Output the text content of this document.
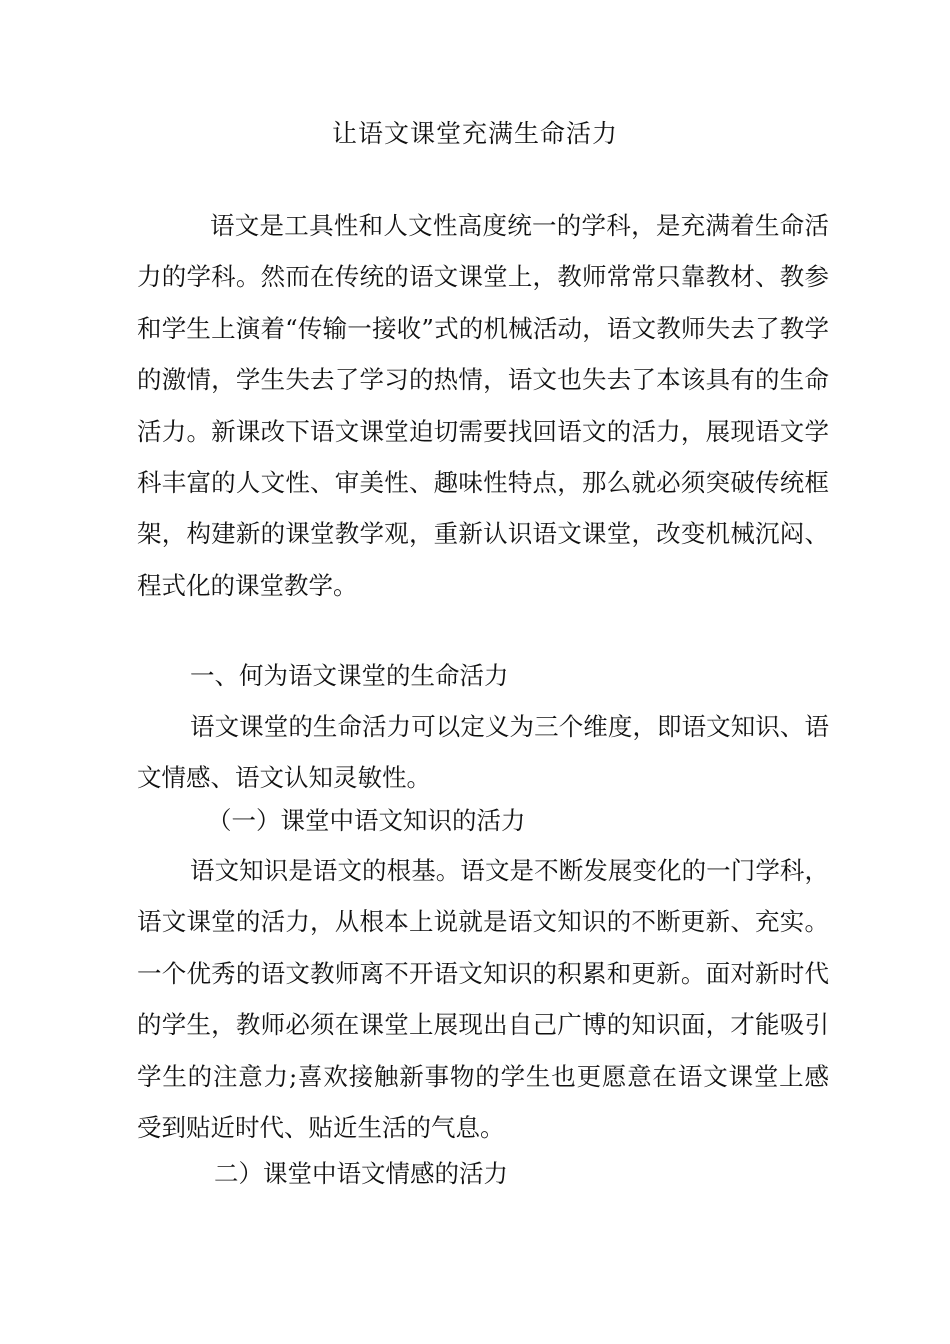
让语文课堂充满生命活力

语文是工具性和人文性高度统一的学科，是充满着生命活力的学科。然而在传统的语文课堂上，教师常常只靠教材、教参和学生上演着“传输一接收”式的机械活动，语文教师失去了教学的激情，学生失去了学习的热情，语文也失去了本该具有的生命活力。新课改下语文课堂迫切需要找回语文的活力，展现语文学科丰富的人文性、审美性、趣味性特点，那么就必须突破传统框架，构建新的课堂教学观，重新认识语文课堂，改变机械沉闷、程式化的课堂教学。

一、何为语文课堂的生命活力

语文课堂的生命活力可以定义为三个维度，即语文知识、语文情感、语文认知灵敏性。

（一）课堂中语文知识的活力

语文知识是语文的根基。语文是不断发展变化的一门学科，语文课堂的活力，从根本上说就是语文知识的不断更新、充实。一个优秀的语文教师离不开语文知识的积累和更新。面对新时代的学生，教师必须在课堂上展现出自己广博的知识面，才能吸引学生的注意力;喜欢接触新事物的学生也更愿意在语文课堂上感受到贴近时代、贴近生活的气息。

二）课堂中语文情感的活力
